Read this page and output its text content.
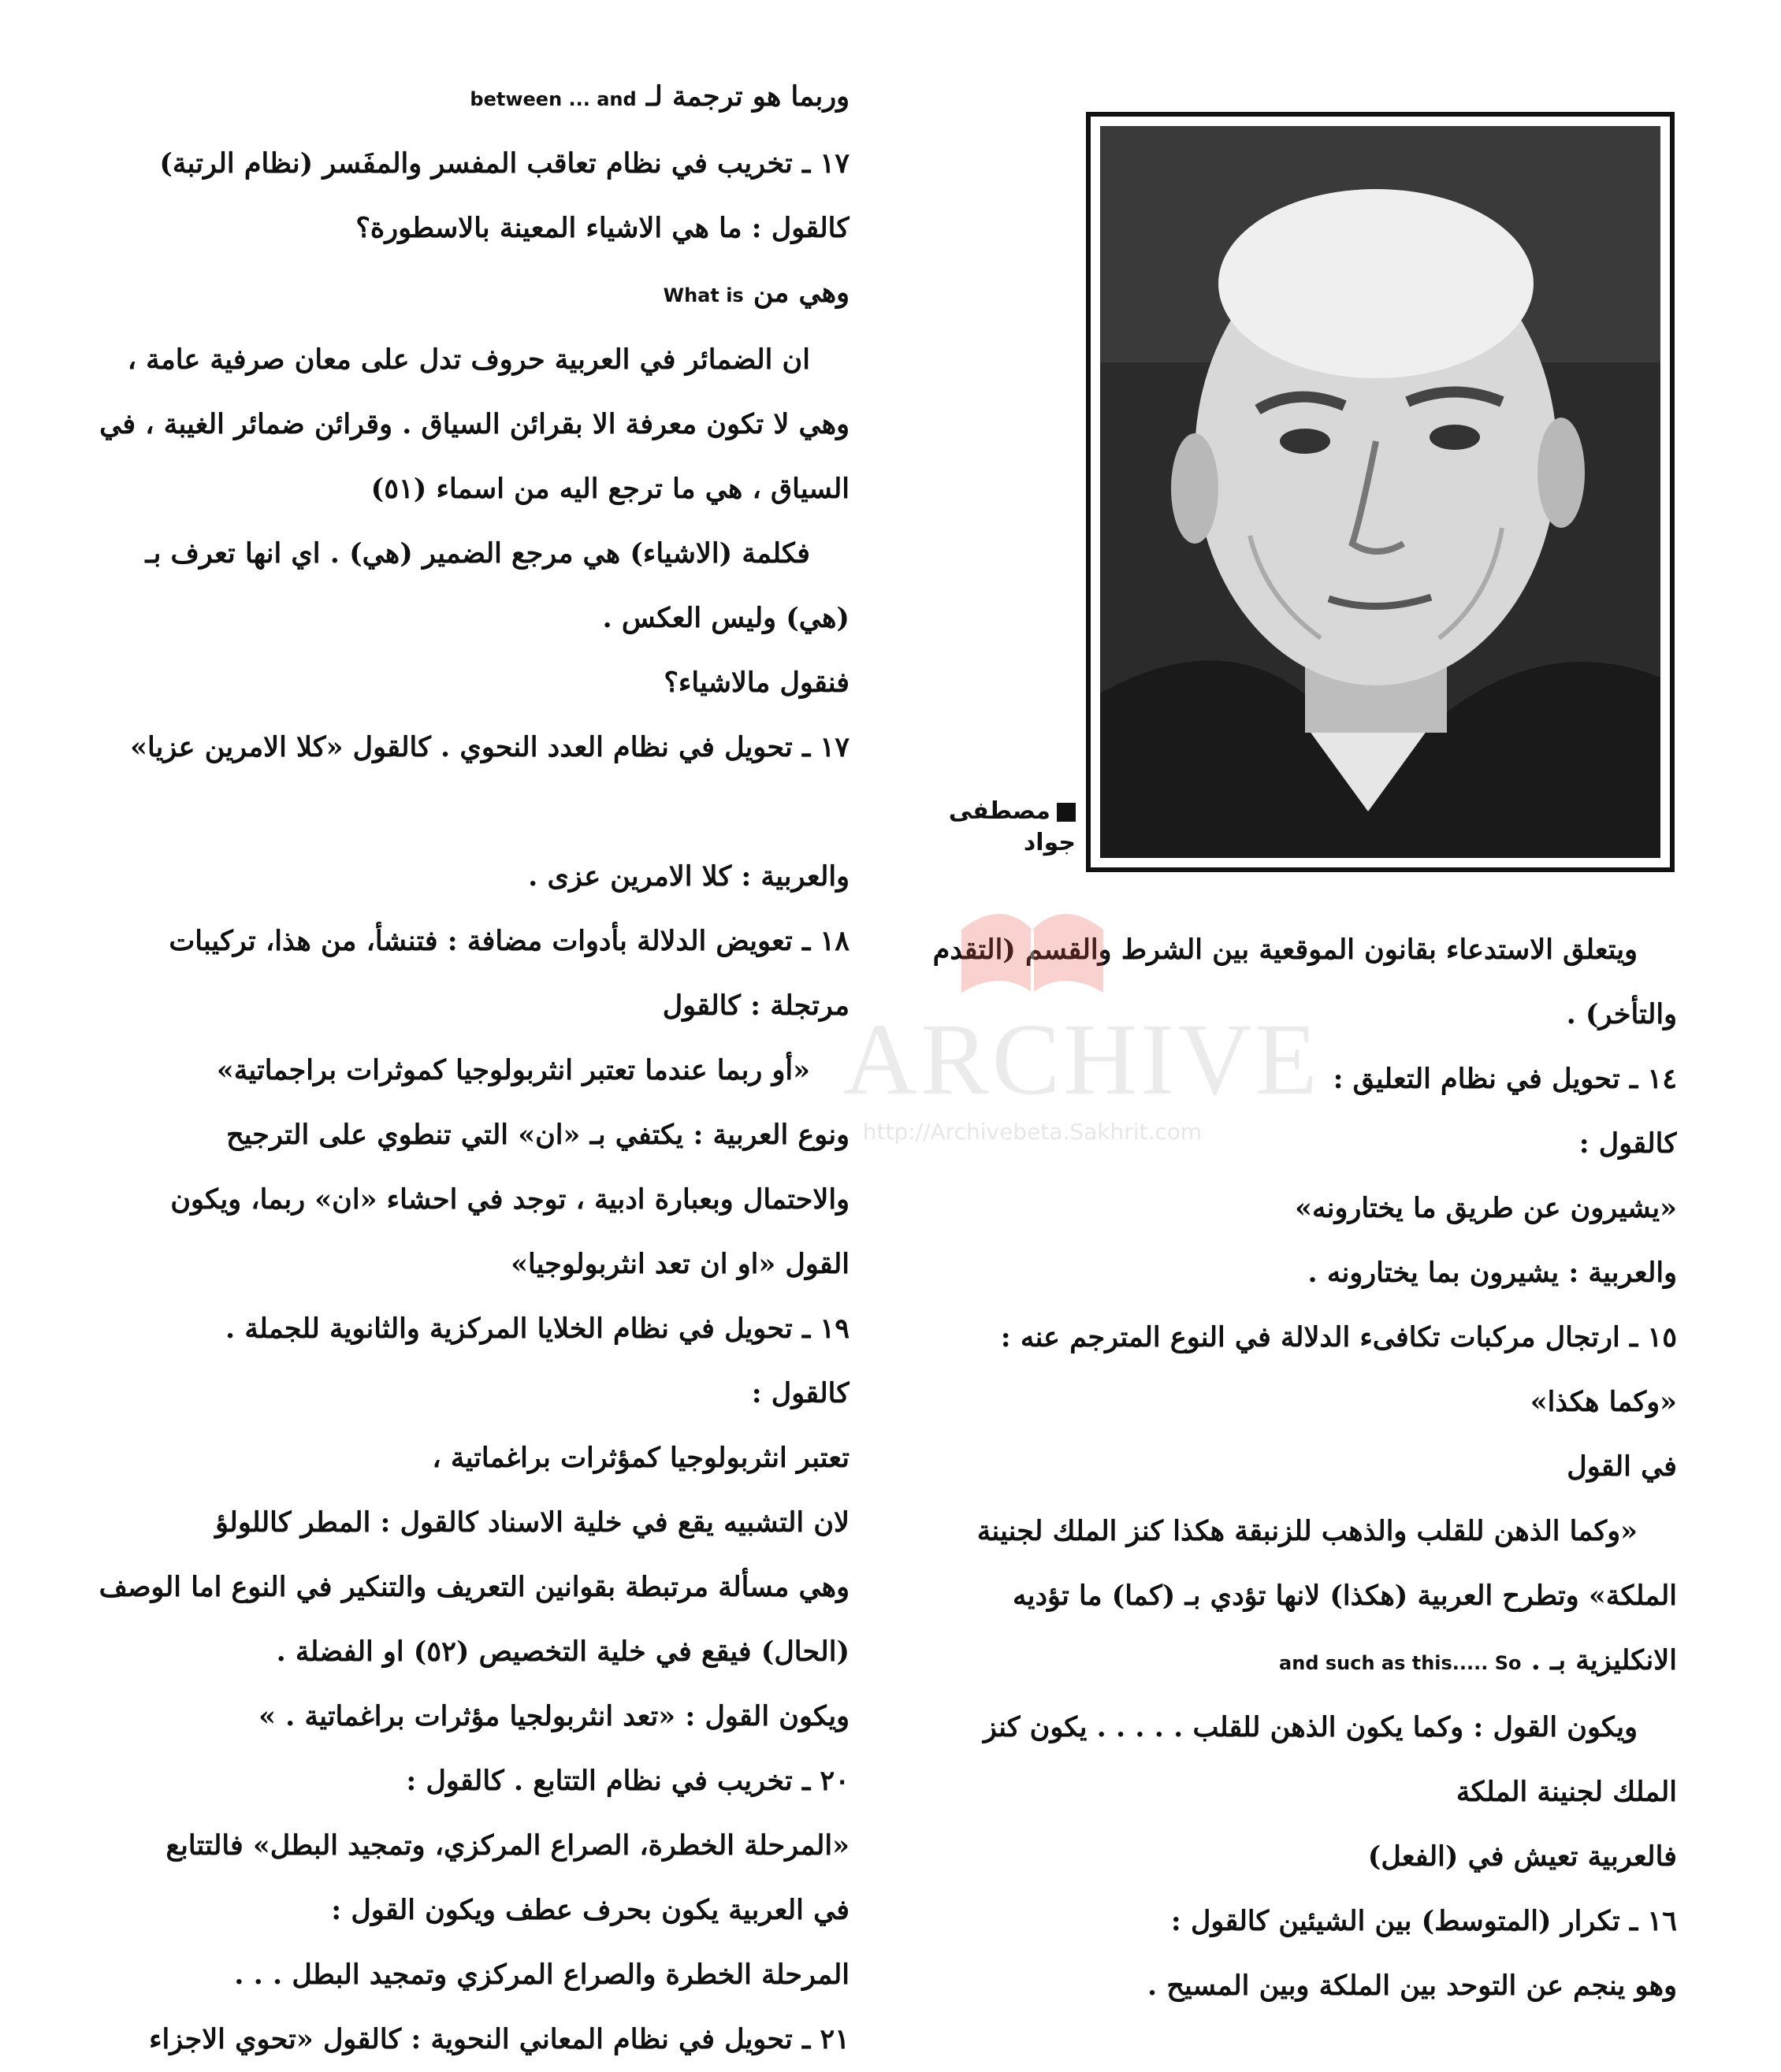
وربما هو ترجمة لـ between ... and

١٧ ـ تخريب في نظام تعاقب المفسر والمفَسر (نظام الرتبة)

كالقول : ما هي الاشياء المعينة بالاسطورة؟

وهي من What is

ان الضمائر في العربية حروف تدل على معان صرفية عامة ،

وهي لا تكون معرفة الا بقرائن السياق . وقرائن ضمائر الغيبة ، في

السياق ، هي ما ترجع اليه من اسماء (٥١)

فكلمة (الاشياء) هي مرجع الضمير (هي) . اي انها تعرف بـ

(هي) وليس العكس .

فنقول مالاشياء؟

١٧ ـ تحويل في نظام العدد النحوي . كالقول «كلا الامرين عزيا»

والعربية : كلا الامرين عزى .

١٨ ـ تعويض الدلالة بأدوات مضافة : فتنشأ، من هذا، تركيبات

مرتجلة : كالقول

«أو ربما عندما تعتبر انثربولوجيا كموثرات براجماتية»

ونوع العربية : يكتفي بـ «ان» التي تنطوي على الترجيح

والاحتمال وبعبارة ادبية ، توجد في احشاء «ان» ربما، ويكون

القول «او ان تعد انثربولوجيا»

١٩ ـ تحويل في نظام الخلايا المركزية والثانوية للجملة .

كالقول :

تعتبر انثربولوجيا كمؤثرات براغماتية ،

لان التشبيه يقع في خلية الاسناد كالقول : المطر كاللولؤ

وهي مسألة مرتبطة بقوانين التعريف والتنكير في النوع اما الوصف

(الحال) فيقع في خلية التخصيص (٥٢) او الفضلة .

ويكون القول : «تعد انثربولجيا مؤثرات براغماتية . »

٢٠ ـ تخريب في نظام التتابع . كالقول :

«المرحلة الخطرة، الصراع المركزي، وتمجيد البطل» فالتتابع

في العربية يكون بحرف عطف ويكون القول :

المرحلة الخطرة والصراع المركزي وتمجيد البطل . . .

٢١ ـ تحويل في نظام المعاني النحوية : كالقول «تحوي الاجزاء

مصطفى
جواد

ويتعلق الاستدعاء بقانون الموقعية بين الشرط والقسم (التقدم

والتأخر) .

١٤ ـ تحويل في نظام التعليق :

كالقول :

«يشيرون عن طريق ما يختارونه»

والعربية : يشيرون بما يختارونه .

١٥ ـ ارتجال مركبات تكافىء الدلالة في النوع المترجم عنه :

«وكما هكذا»

في القول

«وكما الذهن للقلب والذهب للزنبقة هكذا كنز الملك لجنينة

الملكة» وتطرح العربية (هكذا) لانها تؤدي بـ (كما) ما تؤديه

الانكليزية بـ . and such as this..... So

ويكون القول : وكما يكون الذهن للقلب . . . . . يكون كنز

الملك لجنينة الملكة

فالعربية تعيش في (الفعل)

١٦ ـ تكرار (المتوسط) بين الشيئين كالقول :

وهو ينجم عن التوحد بين الملكة وبين المسيح .

ARCHIVE
http://Archivebeta.Sakhrit.com
